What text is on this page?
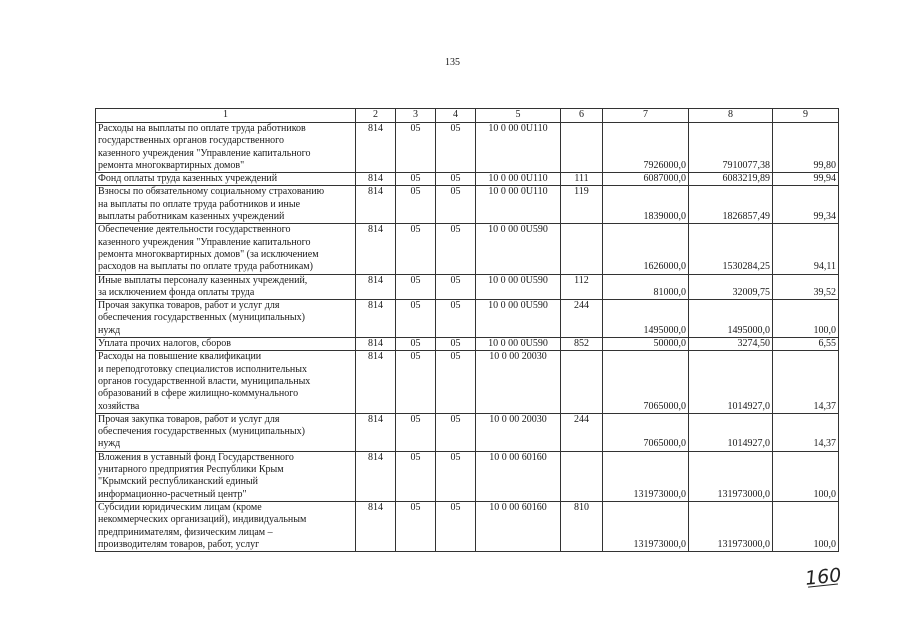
135
1	2	3	4	5	6	7	8	9

Расходы на выплаты по оплате труда работников
государственных органов государственного
казенного учреждения "Управление капитального
ремонта многоквартирных домов"	814	05	05	10 0 00 0U110		7926000,0	7910077,38	99,80

Фонд оплаты труда казенных учреждений	814	05	05	10 0 00 0U110	111	6087000,0	6083219,89	99,94

Взносы по обязательному социальному страхованию
на выплаты по оплате труда работников и иные
выплаты работникам казенных учреждений	814	05	05	10 0 00 0U110	119	1839000,0	1826857,49	99,34

Обеспечение деятельности государственного
казенного учреждения "Управление капитального
ремонта многоквартирных домов" (за исключением
расходов на выплаты по оплате труда работникам)	814	05	05	10 0 00 0U590		1626000,0	1530284,25	94,11

Иные выплаты персоналу казенных учреждений,
за исключением фонда оплаты труда	814	05	05	10 0 00 0U590	112	81000,0	32009,75	39,52

Прочая закупка товаров, работ и услуг для
обеспечения государственных (муниципальных)
нужд	814	05	05	10 0 00 0U590	244	1495000,0	1495000,0	100,0

Уплата прочих налогов, сборов	814	05	05	10 0 00 0U590	852	50000,0	3274,50	6,55

Расходы на повышение квалификации
и переподготовку специалистов исполнительных
органов государственной власти, муниципальных
образований в сфере жилищно-коммунального
хозяйства	814	05	05	10 0 00 20030		7065000,0	1014927,0	14,37

Прочая закупка товаров, работ и услуг для
обеспечения государственных (муниципальных)
нужд	814	05	05	10 0 00 20030	244	7065000,0	1014927,0	14,37

Вложения в уставный фонд Государственного
унитарного предприятия Республики Крым
"Крымский республиканский единый
информационно-расчетный центр"	814	05	05	10 0 00 60160		131973000,0	131973000,0	100,0

Субсидии юридическим лицам (кроме
некоммерческих организаций), индивидуальным
предпринимателям, физическим лицам –
производителям товаров, работ, услуг	814	05	05	10 0 00 60160	810	131973000,0	131973000,0	100,0
160
